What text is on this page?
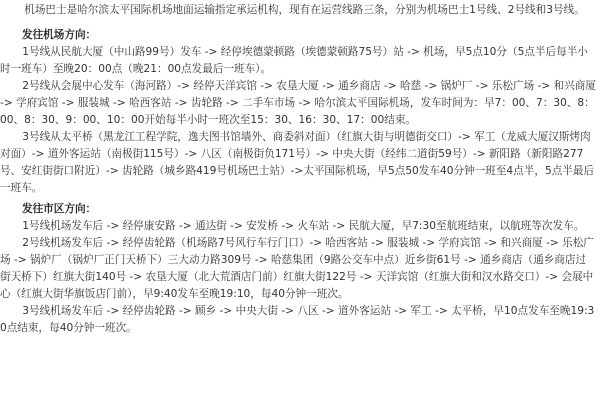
机场巴士是哈尔滨太平国际机场地面运输指定承运机构，现有在运营线路三条，分别为机场巴士1号线、2号线和3号线。

发往机场方向：

1号线从民航大厦（中山路99号）发车 -> 经停埃德蒙顿路（埃德蒙顿路75号）站 -> 机场，早5点10分（5点半后每半小时一班车）至晚20：00点（晚21：00点发最后一班车）。

2号线从会展中心发车（海河路）-> 经停天洋宾馆 -> 农垦大厦 -> 通乡商店 -> 哈慈 -> 锅炉厂 -> 乐松广场 -> 和兴商厦 -> 学府宾馆 -> 服装城 -> 哈西客站 -> 齿轮路 -> 二手车市场 -> 哈尔滨太平国际机场，发车时间为：早7：00、7：30、8：00、8：30、9：00、10：00开始每半小时一班次至15：30、16：30、17：00结束。

3号线从太平桥（黑龙江工程学院，逸夫图书馆墙外、商委斜对面）（红旗大街与明德街交口）-> 军工（龙威大厦汉斯烤肉对面）-> 道外客运站（南极街115号）-> 八区（南极街负171号）-> 中央大街（经纬二道街59号）-> 新阳路（新阳路277号、安红街街口附近）-> 齿轮路（城乡路419号机场巴士站）->太平国际机场，早5点50发车40分钟一班至4点半，5点半最后一班车。

发往市区方向：

1号线机场发车后 -> 经停康安路 -> 通达街 -> 安发桥 -> 火车站 -> 民航大厦，早7:30至航班结束，以航班等次发车。

2号线机场发车后 -> 经停齿轮路（机场路7号风行车行门口）-> 哈西客站 -> 服装城 -> 学府宾馆 -> 和兴商厦 -> 乐松广场 -> 锅炉厂（锅炉厂正门天桥下）三大动力路309号 -> 哈慈集团（9路公交车中点）近乡街61号 -> 通乡商店（通乡商店过街天桥下）红旗大街140号 -> 农垦大厦（北大荒酒店门前）红旗大街122号 -> 天洋宾馆（红旗大街和汉水路交口）-> 会展中心（红旗大街华旗饭店门前），早9:40发车至晚19:10，每40分钟一班次。

3号线机场发车后 -> 经停齿轮路 -> 顾乡 -> 中央大街 -> 八区 -> 道外客运站 -> 军工 -> 太平桥，早10点发车至晚19:30点结束，每40分钟一班次。
